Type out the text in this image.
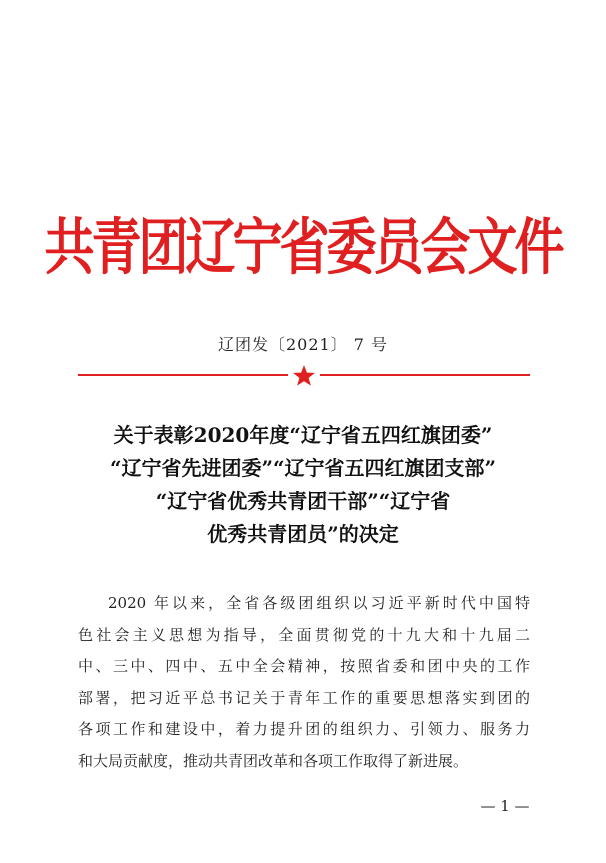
共青团辽宁省委员会文件
辽团发〔2021〕 7 号
关于表彰2020年度“辽宁省五四红旗团委”
“辽宁省先进团委”“辽宁省五四红旗团支部”
“辽宁省优秀共青团干部”“辽宁省
优秀共青团员”的决定
2020 年以来，全省各级团组织以习近平新时代中国特
色社会主义思想为指导，全面贯彻党的十九大和十九届二
中、三中、四中、五中全会精神，按照省委和团中央的工作
部署，把习近平总书记关于青年工作的重要思想落实到团的
各项工作和建设中，着力提升团的组织力、引领力、服务力
和大局贡献度，推动共青团改革和各项工作取得了新进展。
— 1 —
